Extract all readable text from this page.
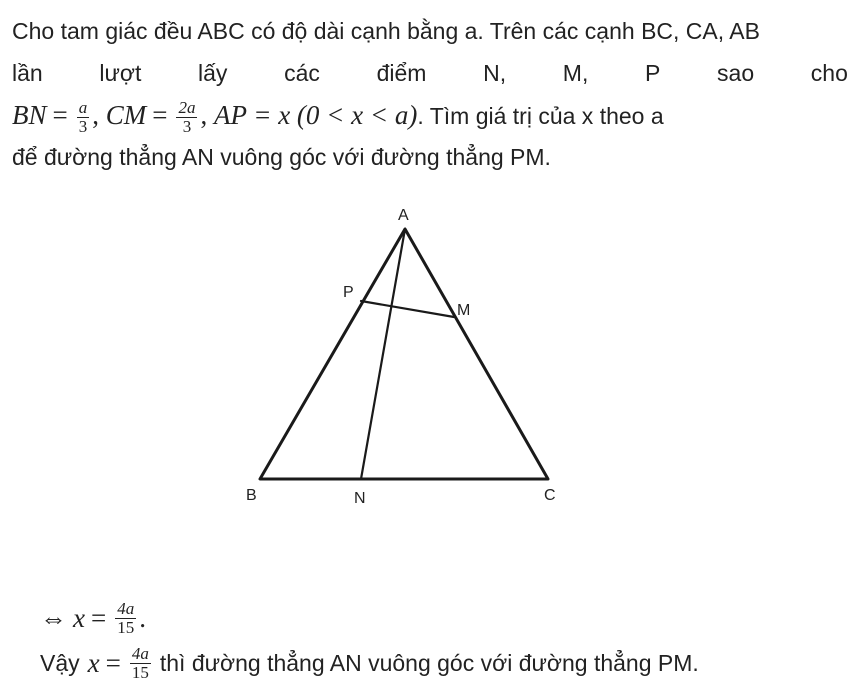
Cho tam giác đều ABC có độ dài cạnh bằng a. Trên các cạnh BC, CA, AB
lần lượt lấy các điểm N, M, P sao cho
BN = $\frac{a}{3}$ , CM = $\frac{2a}{3}$ , AP = x (0 < x < a). Tìm giá trị của x theo a
để đường thẳng AN vuông góc với đường thẳng PM.
A
B	C
N
M
P
⇔ $x = \frac{4a}{15}$ .
Vậy $x = \frac{4a}{15}$ thì đường thẳng AN vuông góc với đường thẳng PM.
